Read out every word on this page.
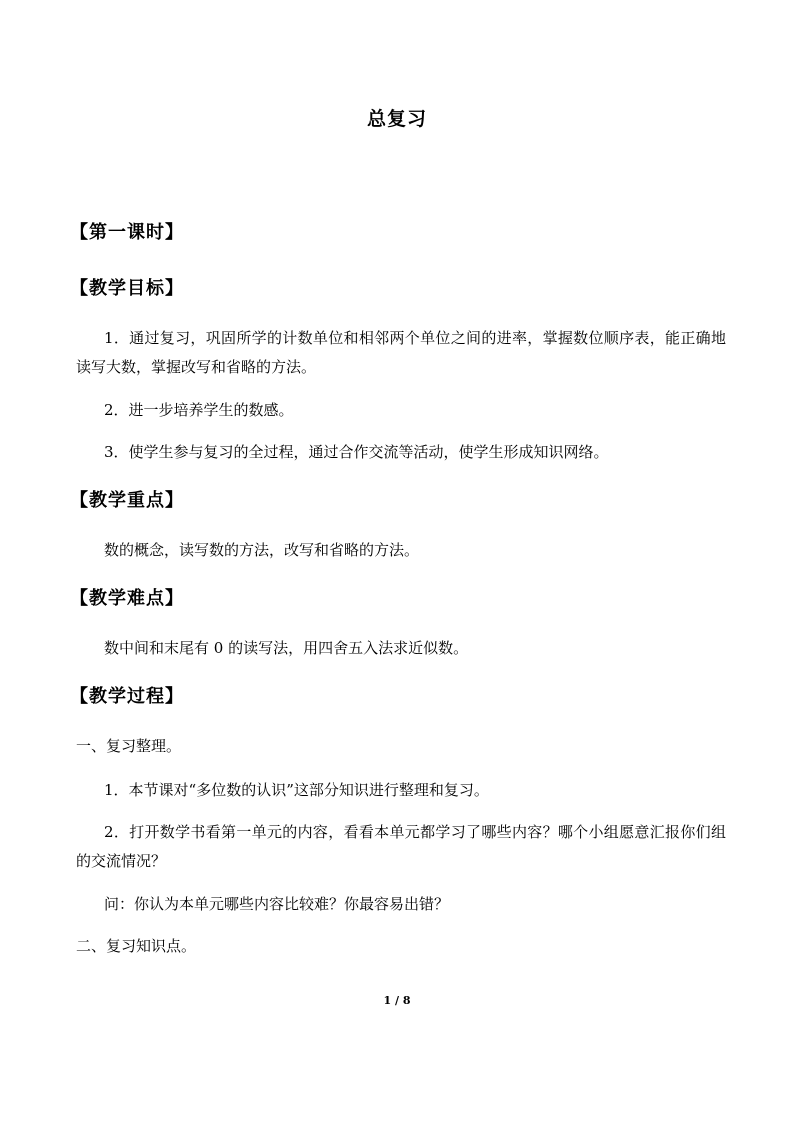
总复习
【第一课时】
【教学目标】
1．通过复习，巩固所学的计数单位和相邻两个单位之间的进率，掌握数位顺序表，能正确地读写大数，掌握改写和省略的方法。
2．进一步培养学生的数感。
3．使学生参与复习的全过程，通过合作交流等活动，使学生形成知识网络。
【教学重点】
数的概念，读写数的方法，改写和省略的方法。
【教学难点】
数中间和末尾有 0 的读写法，用四舍五入法求近似数。
【教学过程】
一、复习整理。
1．本节课对“多位数的认识”这部分知识进行整理和复习。
2．打开数学书看第一单元的内容，看看本单元都学习了哪些内容？哪个小组愿意汇报你们组的交流情况？
问：你认为本单元哪些内容比较难？你最容易出错？
二、复习知识点。
1 / 8
